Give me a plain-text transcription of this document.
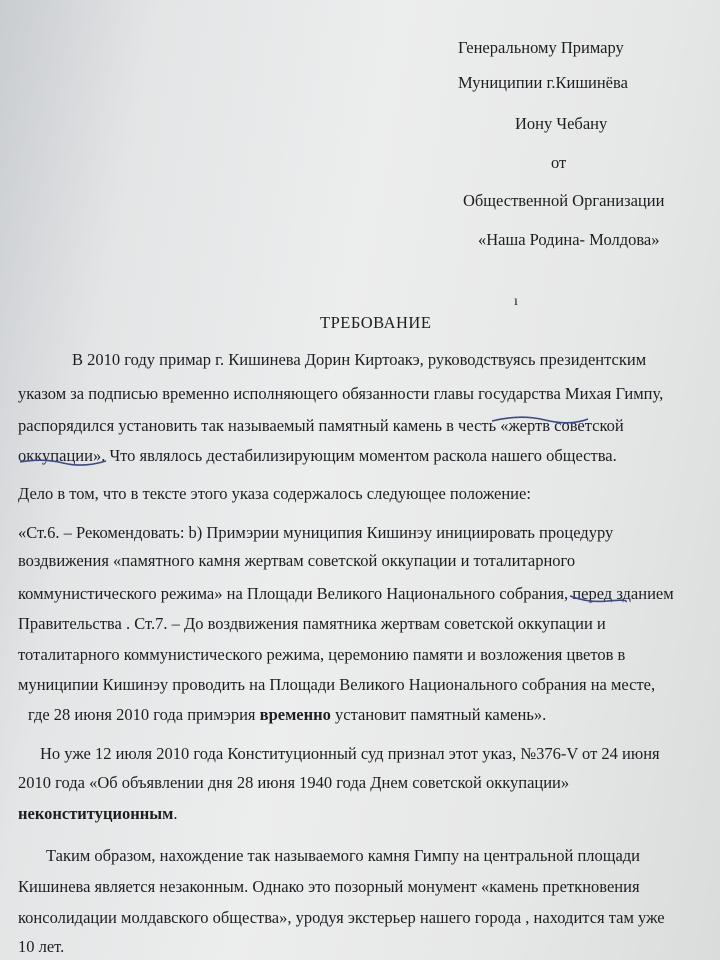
Генеральному Примару
Муниципии г.Кишинёва
Иону Чебану
от
Общественной Организации
«Наша Родина- Молдова»
ı
ТРЕБОВАНИЕ
В 2010 году примар г. Кишинева Дорин Киртоакэ, руководствуясь президентским
указом за подписью временно исполняющего обязанности главы государства Михая Гимпу,
распорядился установить так называемый памятный камень в честь «жертв советской
оккупации». Что являлось дестабилизирующим моментом раскола нашего общества.
Дело в том, что в тексте этого указа содержалось следующее положение:
«Ст.6. – Рекомендовать: b) Примэрии муниципия Кишинэу инициировать процедуру
воздвижения «памятного камня жертвам советской оккупации и тоталитарного
коммунистического режима» на Площади Великого Национального собрания, перед зданием
Правительства . Ст.7. – До воздвижения памятника жертвам советской оккупации и
тоталитарного коммунистического режима, церемонию памяти и возложения цветов в
муниципии Кишинэу проводить на Площади Великого Национального собрания на месте,
где 28 июня 2010 года примэрия временно установит памятный камень».
Но уже 12 июля 2010 года Конституционный суд признал этот указ, №376-V от 24 июня
2010 года «Об объявлении дня 28 июня 1940 года Днем советской оккупации»
неконституционным.
Таким образом, нахождение так называемого камня Гимпу на центральной площади
Кишинева является незаконным. Однако это позорный монумент «камень преткновения
консолидации молдавского общества», уродуя экстерьер нашего города , находится там уже
10 лет.
